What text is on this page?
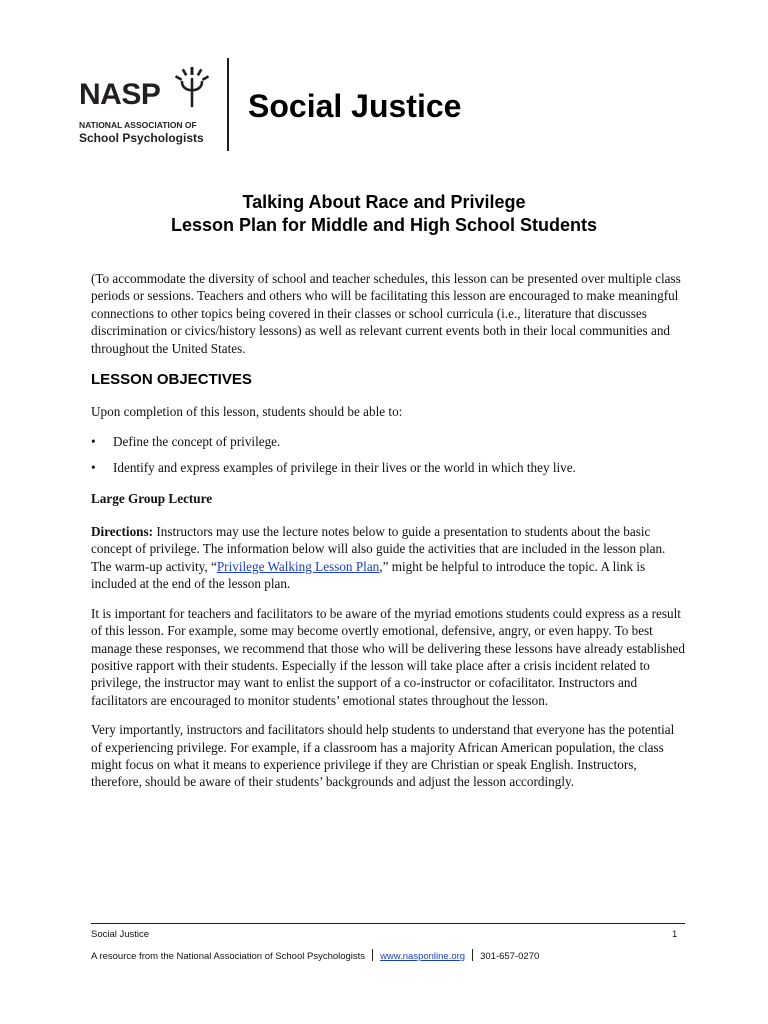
NASP
NATIONAL ASSOCIATION OF
School Psychologists
Social Justice
Talking About Race and Privilege
Lesson Plan for Middle and High School Students

(To accommodate the diversity of school and teacher schedules, this lesson can be presented over multiple class periods or sessions. Teachers and others who will be facilitating this lesson are encouraged to make meaningful connections to other topics being covered in their classes or school curricula (i.e., literature that discusses discrimination or civics/history lessons) as well as relevant current events both in their local communities and throughout the United States.

LESSON OBJECTIVES

Upon completion of this lesson, students should be able to:

• Define the concept of privilege.
• Identify and express examples of privilege in their lives or the world in which they live.
Large Group Lecture

Directions: Instructors may use the lecture notes below to guide a presentation to students about the basic concept of privilege. The information below will also guide the activities that are included in the lesson plan. The warm-up activity, “Privilege Walking Lesson Plan,” might be helpful to introduce the topic. A link is included at the end of the lesson plan.

It is important for teachers and facilitators to be aware of the myriad emotions students could express as a result of this lesson. For example, some may become overtly emotional, defensive, angry, or even happy. To best manage these responses, we recommend that those who will be delivering these lessons have already established positive rapport with their students. Especially if the lesson will take place after a crisis incident related to privilege, the instructor may want to enlist the support of a co-instructor or cofacilitator. Instructors and facilitators are encouraged to monitor students’ emotional states throughout the lesson.

Very importantly, instructors and facilitators should help students to understand that everyone has the potential of experiencing privilege. For example, if a classroom has a majority African American population, the class might focus on what it means to experience privilege if they are Christian or speak English. Instructors, therefore, should be aware of their students’ backgrounds and adjust the lesson accordingly.

Social Justice	1
A resource from the National Association of School Psychologists www.nasponline.org 301-657-0270
